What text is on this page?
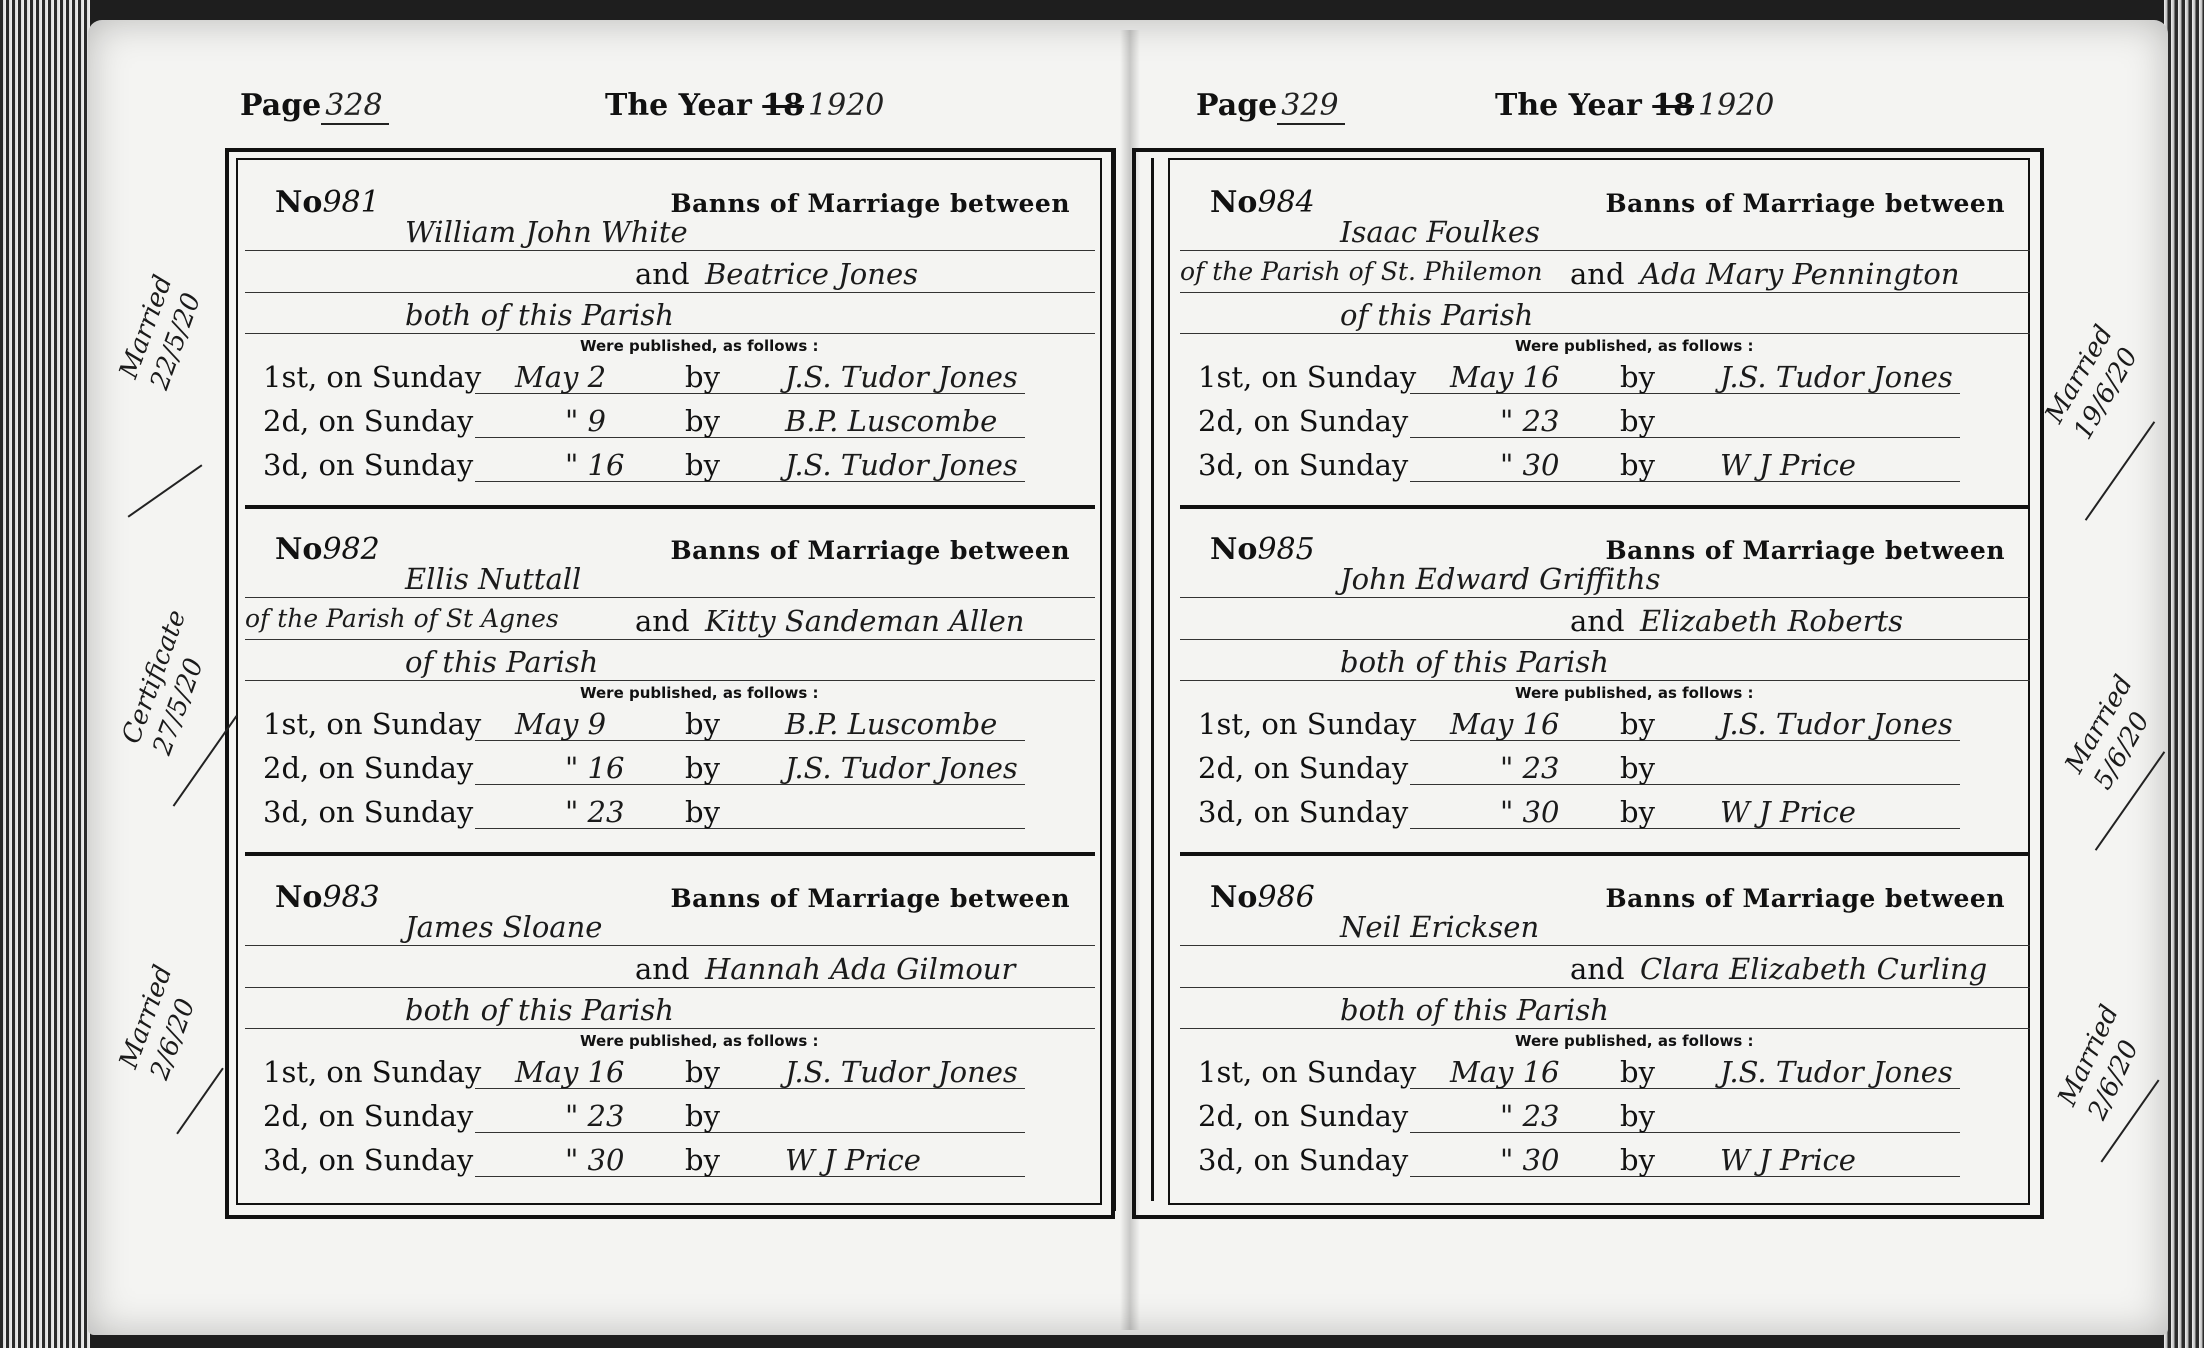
Page 328	The Year 18 1920	Page 329	The Year 18 1920
No981	Banns of Marriage between
William John White
and Beatrice Jones
both of this Parish
Were published, as follows :
1st, on Sunday May 2	by J.S. Tudor Jones
2d, on Sunday	" 9	by B.P. Luscombe
3d, on Sunday	" 16 by J.S. Tudor Jones
No982	Banns of Marriage between
Ellis Nuttall
of the Parish of St Agnes	and Kitty Sandeman Allen
of this Parish
Were published, as follows :
1st, on Sunday May 9	by B.P. Luscombe
2d, on Sunday	" 16 by J.S. Tudor Jones
3d, on Sunday	" 23 by
No983	Banns of Marriage between
James Sloane
and Hannah Ada Gilmour
both of this Parish
Were published, as follows :
1st, on Sunday May 16 by J.S. Tudor Jones
2d, on Sunday	" 23 by
3d, on Sunday	" 30 by W J Price
No984	Banns of Marriage between
Isaac Foulkes
of the Parish of St. Philemon and Ada Mary Pennington
of this Parish
Were published, as follows :
1st, on Sunday May 16 by J.S. Tudor Jones
2d, on Sunday	" 23 by
3d, on Sunday	" 30 by W J Price
No985	Banns of Marriage between
John Edward Griffiths
and Elizabeth Roberts
both of this Parish
Were published, as follows :
1st, on Sunday May 16 by J.S. Tudor Jones
2d, on Sunday	" 23 by
3d, on Sunday	" 30 by W J Price
No986	Banns of Marriage between
Neil Ericksen
and Clara Elizabeth Curling
both of this Parish
Were published, as follows :
1st, on Sunday May 16 by J.S. Tudor Jones
2d, on Sunday	" 23 by
3d, on Sunday	" 30 by W J Price
Married
22/5/20
Certificate
27/5/20
Married
2/6/20
Married
19/6/20
Married
5/6/20
Married
2/6/20
